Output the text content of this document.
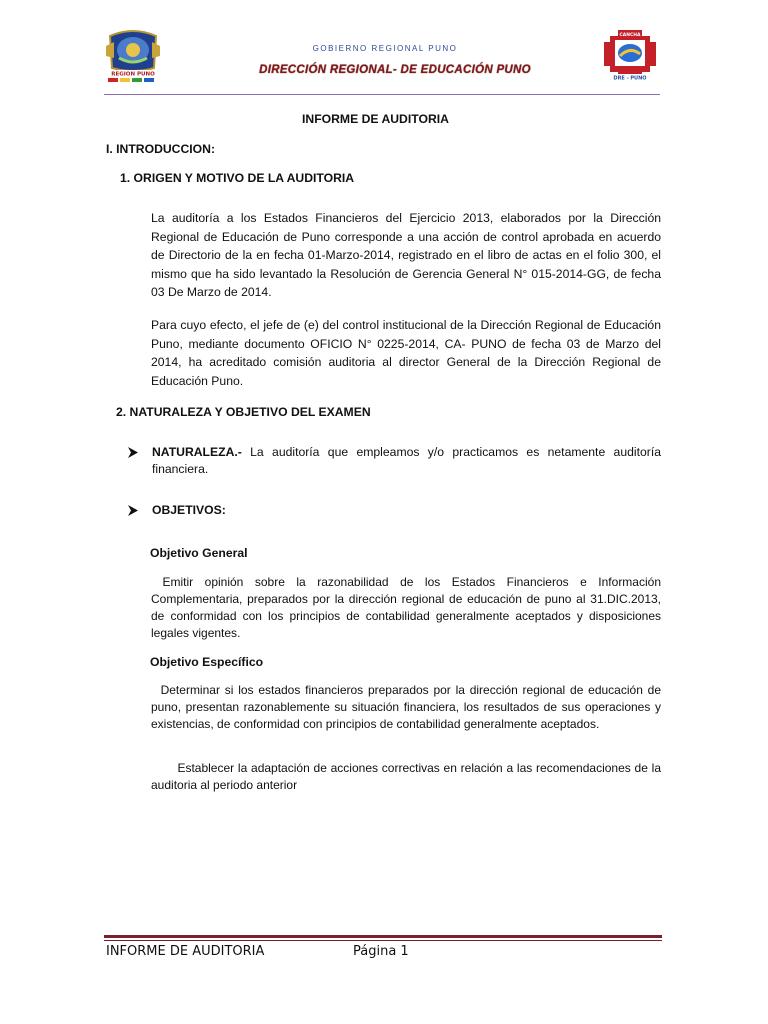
REGION PUNO
GOBIERNO REGIONAL PUNO
DIRECCIÓN REGIONAL- DE EDUCACIÓN PUNO
CANCHA
DRE - PUNO
INFORME DE AUDITORIA
I. INTRODUCCION:
1. ORIGEN Y MOTIVO DE LA AUDITORIA
La auditoría a los Estados Financieros del Ejercicio 2013, elaborados por la Dirección Regional de Educación de Puno corresponde a una acción de control aprobada en acuerdo de Directorio de la en fecha 01-Marzo-2014, registrado en el libro de actas en el folio 300, el mismo que ha sido levantado la Resolución de Gerencia General N° 015-2014-GG, de fecha 03 De Marzo de 2014.
Para cuyo efecto, el jefe de (e) del control institucional de la Dirección Regional de Educación Puno, mediante documento OFICIO N° 0225-2014, CA- PUNO de fecha 03 de Marzo del 2014, ha acreditado comisión auditoria al director General de la Dirección Regional de Educación Puno.
2. NATURALEZA Y OBJETIVO DEL EXAMEN
NATURALEZA.- La auditoría que empleamos y/o practicamos es netamente auditoría financiera.
OBJETIVOS:
Objetivo General
Emitir opinión sobre la razonabilidad de los Estados Financieros e Información Complementaria, preparados por la dirección regional de educación de puno al 31.DIC.2013, de conformidad con los principios de contabilidad generalmente aceptados y disposiciones legales vigentes.
Objetivo Específico
Determinar si los estados financieros preparados por la dirección regional de educación de puno, presentan razonablemente su situación financiera, los resultados de sus operaciones y existencias, de conformidad con principios de contabilidad generalmente aceptados.
Establecer la adaptación de acciones correctivas en relación a las recomendaciones de la   auditoria al periodo anterior
INFORME DE AUDITORIA	Página 1
